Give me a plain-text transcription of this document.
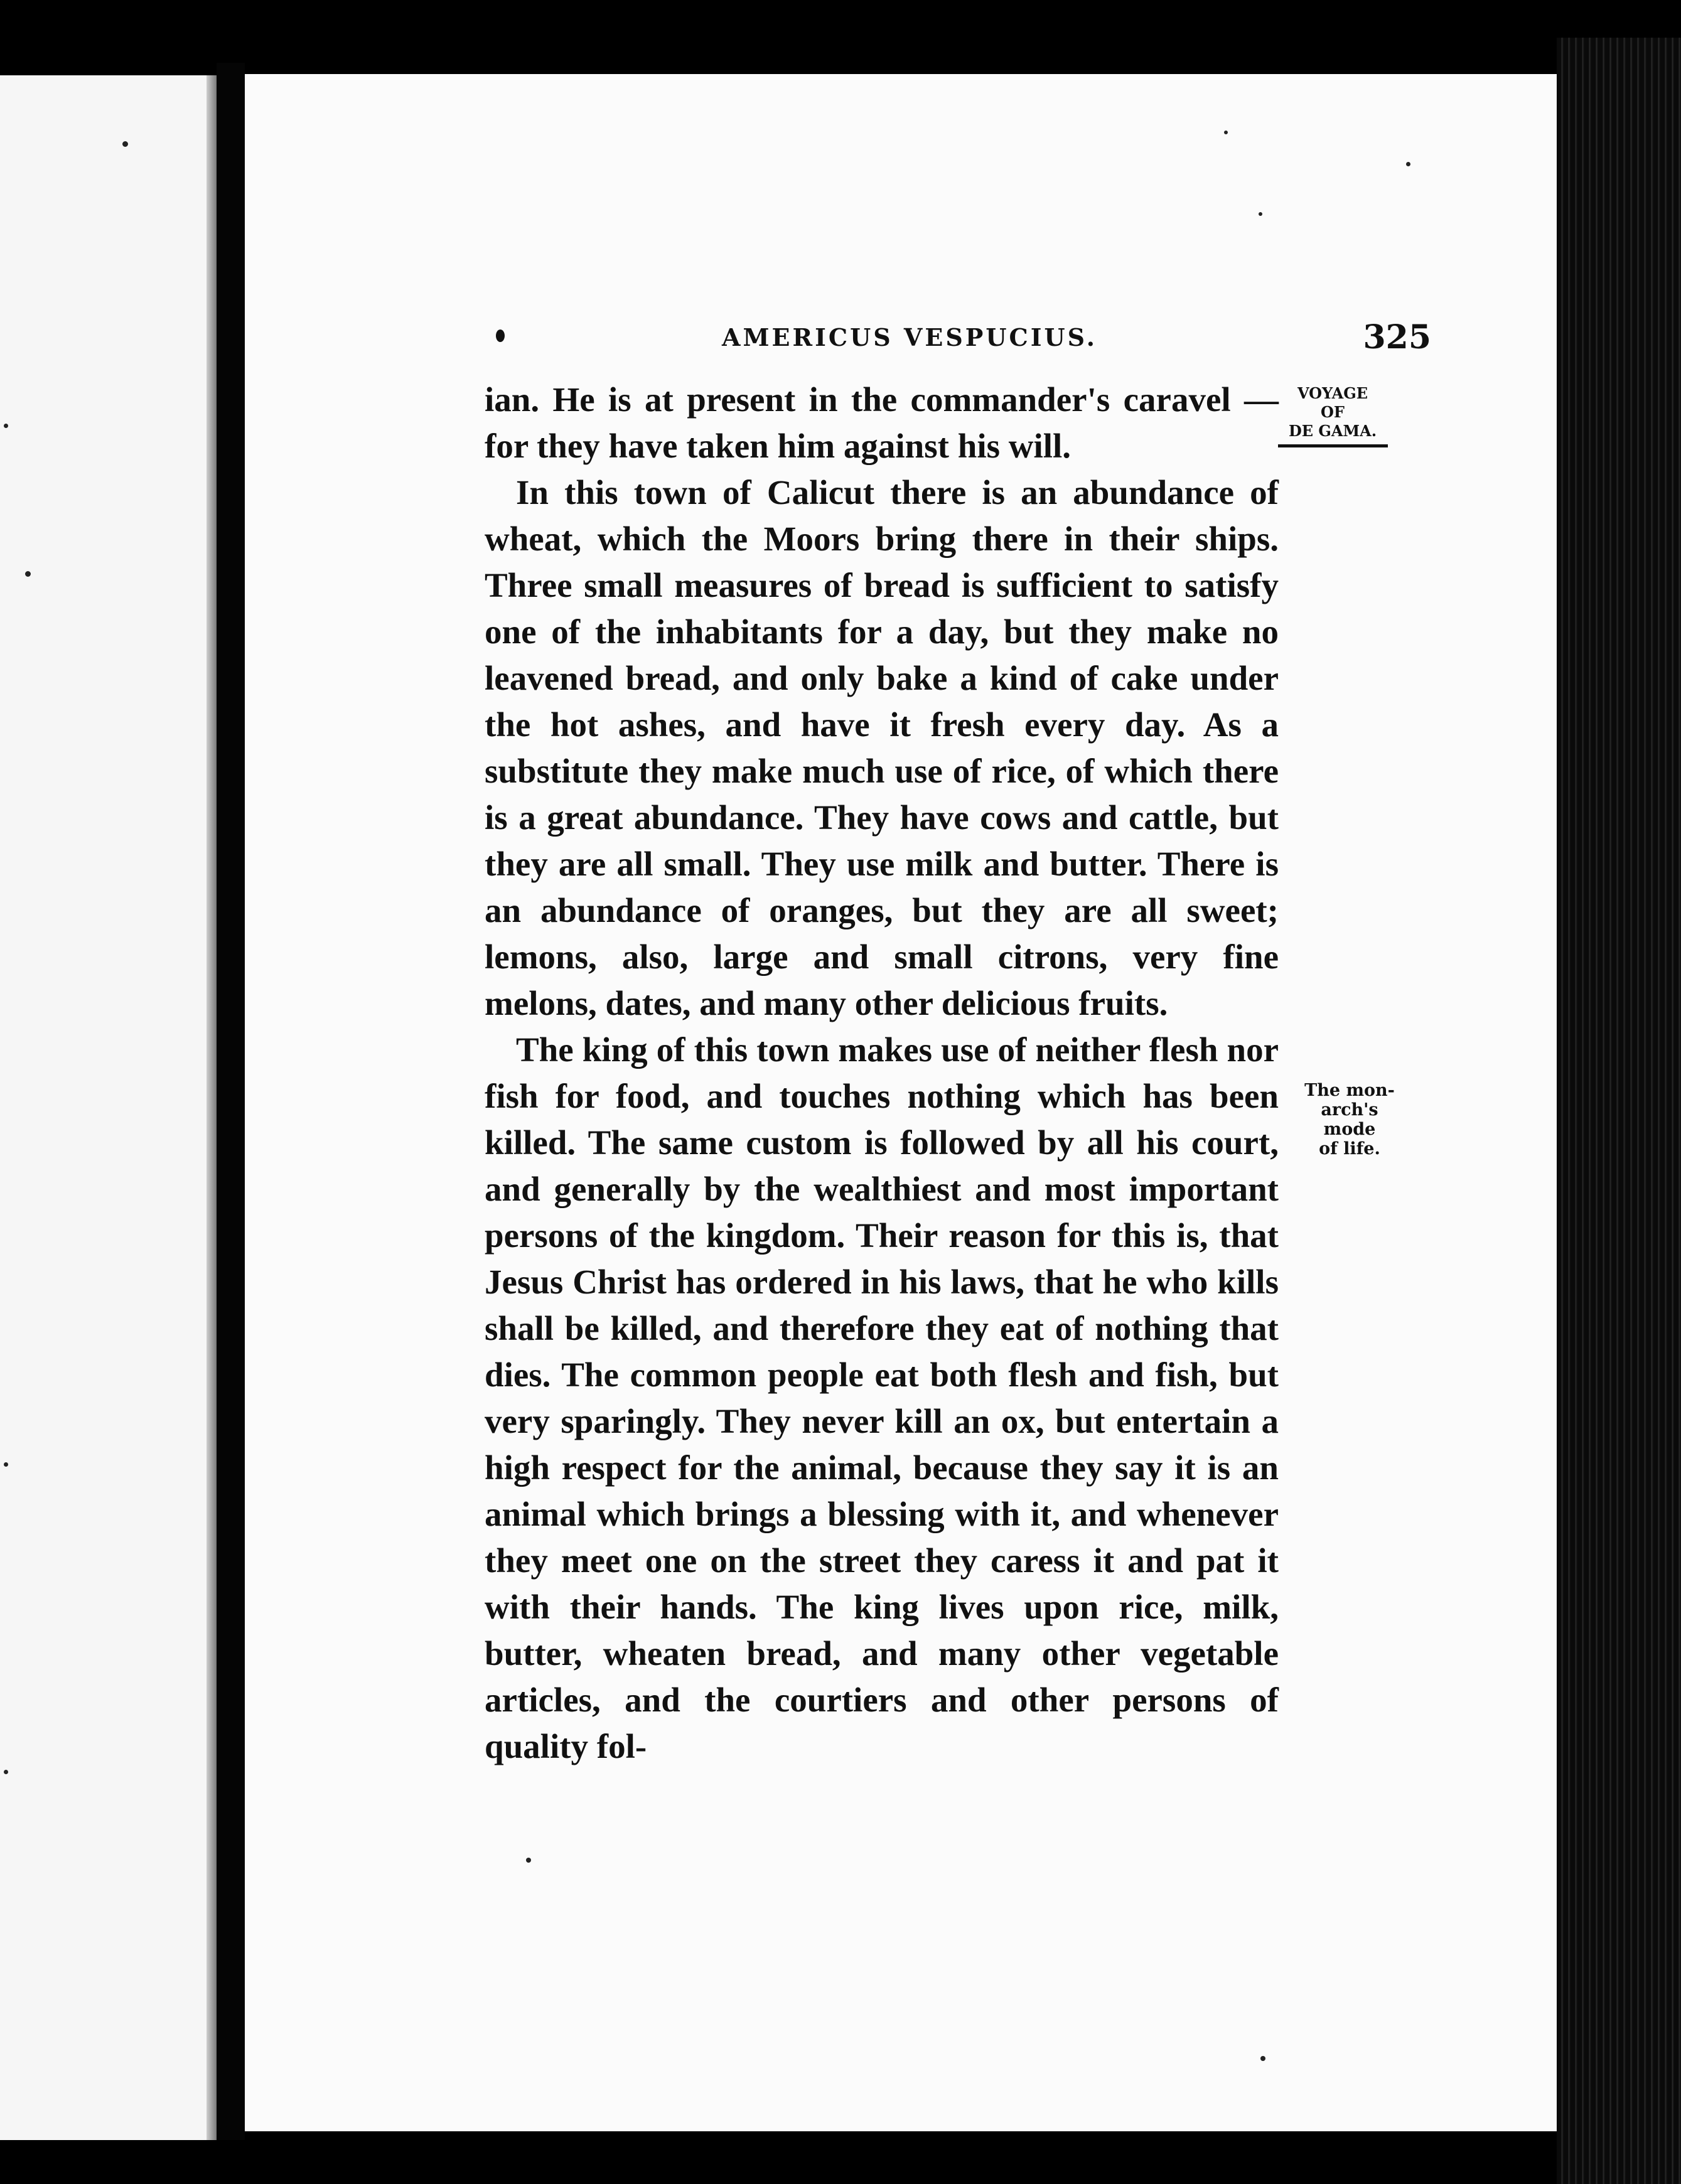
AMERICUS VESPUCIUS.	325
VOYAGE
OF
DE GAMA.
The mon-
arch's mode
of life.

ian. He is at present in the commander's caravel —for they have taken him against his will.

In this town of Calicut there is an abundance of wheat, which the Moors bring there in their ships. Three small measures of bread is sufficient to satisfy one of the inhabitants for a day, but they make no leavened bread, and only bake a kind of cake under the hot ashes, and have it fresh every day. As a substitute they make much use of rice, of which there is a great abundance. They have cows and cattle, but they are all small. They use milk and butter. There is an abundance of oranges, but they are all sweet; lemons, also, large and small citrons, very fine melons, dates, and many other delicious fruits.

The king of this town makes use of neither flesh nor fish for food, and touches nothing which has been killed. The same custom is followed by all his court, and generally by the wealthiest and most important persons of the kingdom. Their reason for this is, that Jesus Christ has ordered in his laws, that he who kills shall be killed, and therefore they eat of nothing that dies. The common people eat both flesh and fish, but very sparingly. They never kill an ox, but entertain a high respect for the animal, because they say it is an animal which brings a blessing with it, and whenever they meet one on the street they caress it and pat it with their hands. The king lives upon rice, milk, butter, wheaten bread, and many other vegetable articles, and the courtiers and other persons of quality fol-
